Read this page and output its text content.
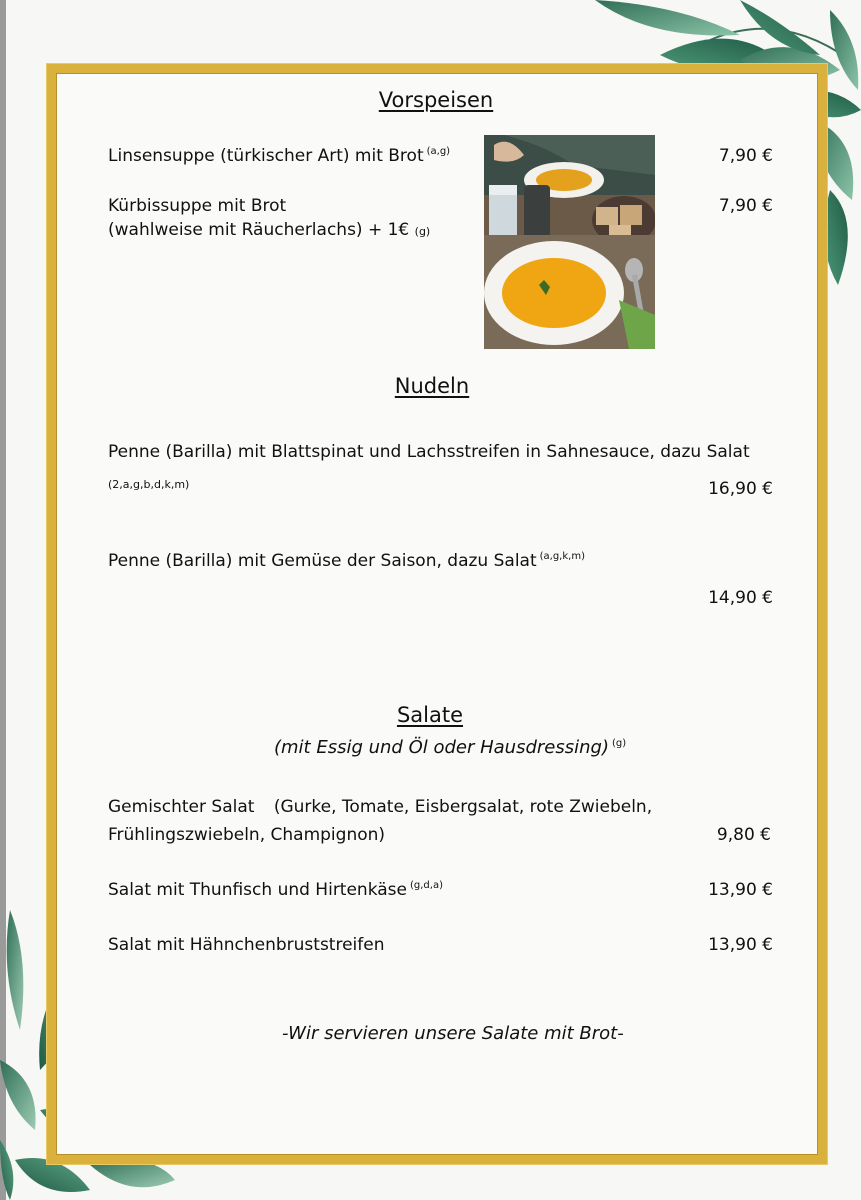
Vorspeisen
Linsensuppe (türkischer Art) mit Brot $^{(a,g)}$	7,90 €
Kürbissuppe mit Brot
(wahlweise mit Räucherlachs) + 1€ (g)
7,90 €
Nudeln
Penne (Barilla) mit Blattspinat und Lachsstreifen in Sahnesauce, dazu Salat
(2,a,g,b,d,k,m)	16,90 €
Penne (Barilla) mit Gemüse der Saison, dazu Salat $^{(a,g,k,m)}$
14,90 €
Salate
(mit Essig und Öl oder Hausdressing) $^{(g)}$
Gemischter Salat (Gurke, Tomate, Eisbergsalat, rote Zwiebeln,
Frühlingszwiebeln, Champignon)	9,80 €
Salat mit Thunfisch und Hirtenkäse $^{(g,d,a)}$	13,90 €
Salat mit Hähnchenbruststreifen	13,90 €
-Wir servieren unsere Salate mit Brot-
